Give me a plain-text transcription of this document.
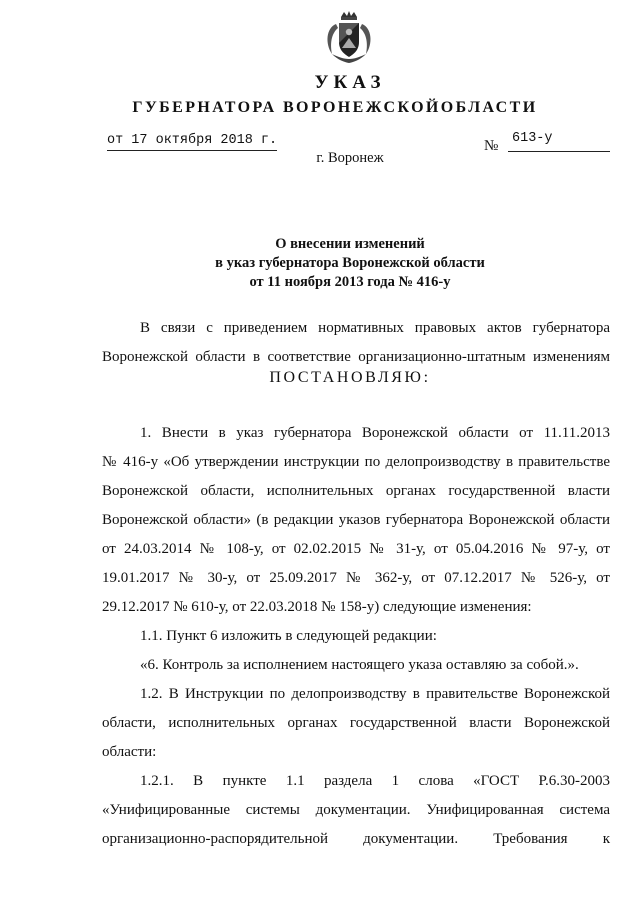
УКАЗ
ГУБЕРНАТОРА ВОРОНЕЖСКОЙОБЛАСТИ
от 17 октября 2018 г.	№ 613-у
г. Воронеж
О внесении изменений
в указ губернатора Воронежской области
от 11 ноября 2013 года № 416-у
В связи с приведением нормативных правовых актов губернатора
Воронежской области в соответствие организационно-штатным изменениям
ПОСТАНОВЛЯЮ:
1. Внести в указ губернатора Воронежской области от 11.11.2013
№ 416-у «Об утверждении инструкции по делопроизводству в правительстве
Воронежской области, исполнительных органах государственной власти
Воронежской области» (в редакции указов губернатора Воронежской области
от 24.03.2014 № 108-у, от 02.02.2015 № 31-у, от 05.04.2016 № 97-у, от
19.01.2017 № 30-у, от 25.09.2017 № 362-у, от 07.12.2017 № 526-у, от
29.12.2017 № 610-у, от 22.03.2018 № 158-у) следующие изменения:
1.1. Пункт 6 изложить в следующей редакции:
«6. Контроль за исполнением настоящего указа оставляю за собой.».
1.2. В Инструкции по делопроизводству в правительстве Воронежской
области, исполнительных органах государственной власти Воронежской
области:
1.2.1. В пункте 1.1 раздела 1 слова «ГОСТ Р.6.30-2003
«Унифицированные системы документации. Унифицированная система
организационно-распорядительной документации. Требования к
